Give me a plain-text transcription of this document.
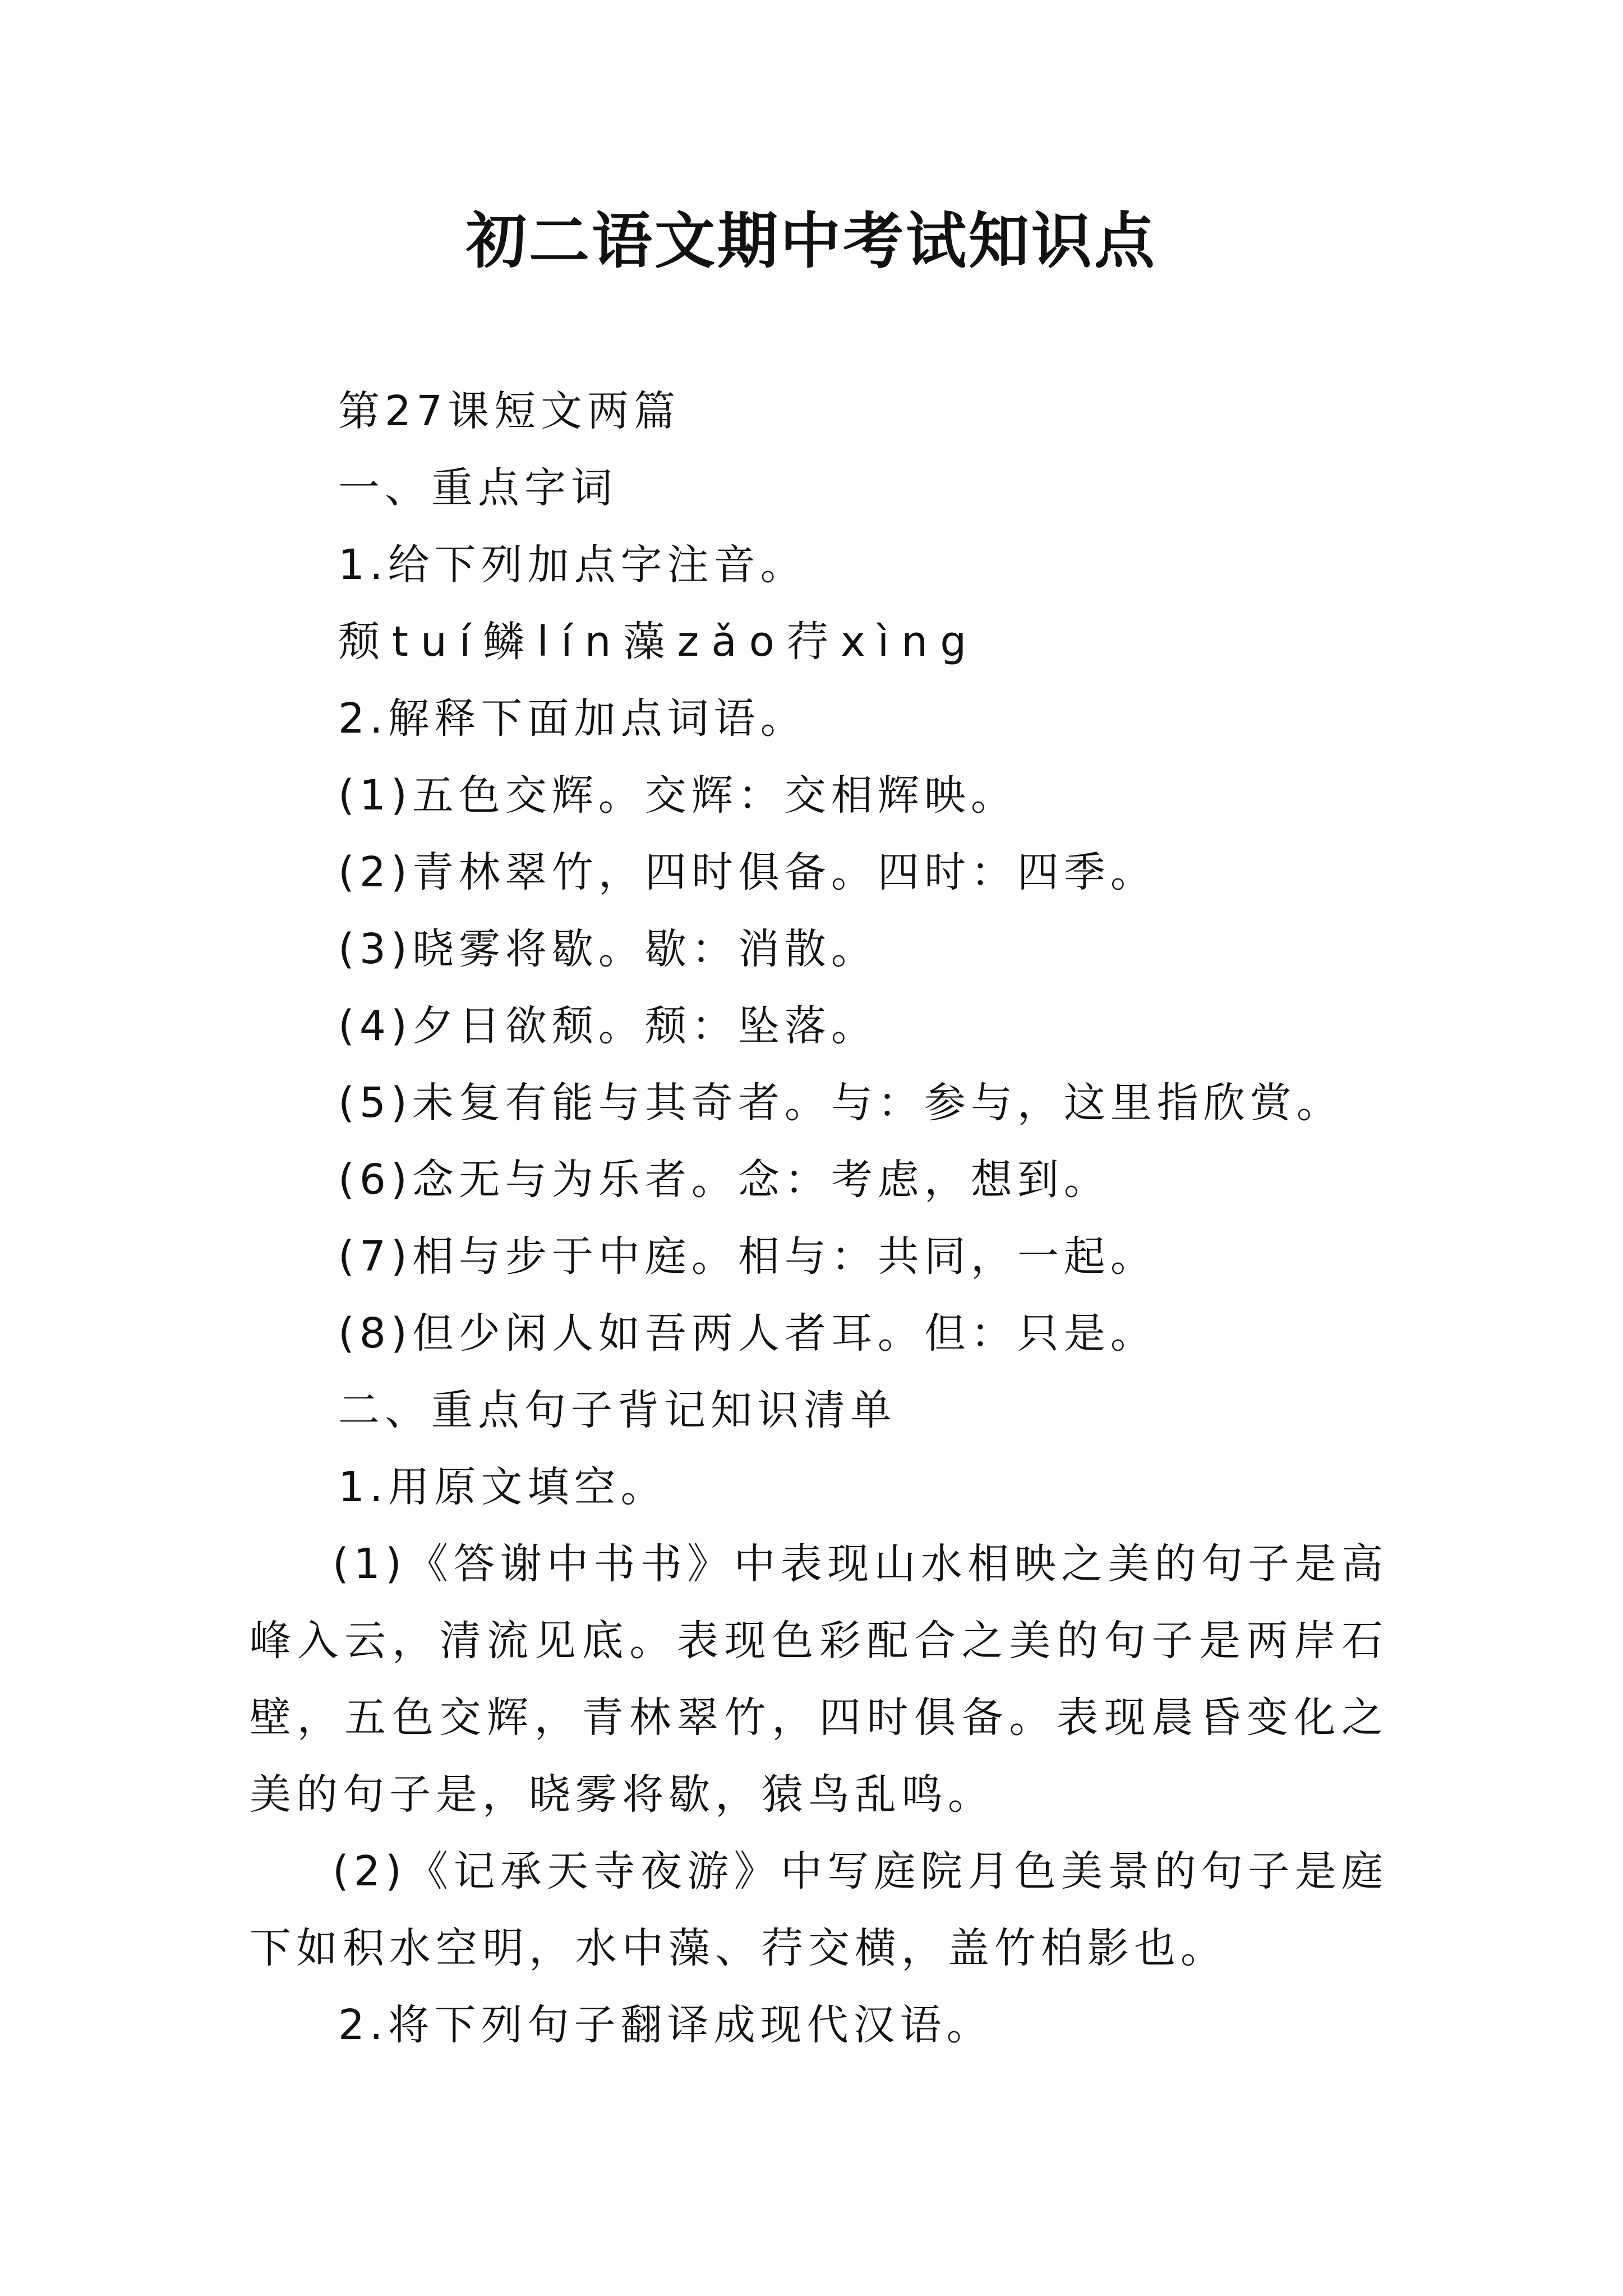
初二语文期中考试知识点

第27课短文两篇

一、重点字词

1.给下列加点字注音。

颓tuí鳞lín藻zǎo荇xìng

2.解释下面加点词语。

(1)五色交辉。交辉：交相辉映。

(2)青林翠竹，四时俱备。四时：四季。

(3)晓雾将歇。歇：消散。

(4)夕日欲颓。颓：坠落。

(5)未复有能与其奇者。与：参与，这里指欣赏。

(6)念无与为乐者。念：考虑，想到。

(7)相与步于中庭。相与：共同，一起。

(8)但少闲人如吾两人者耳。但：只是。

二、重点句子背记知识清单

1.用原文填空。

(1)《答谢中书书》中表现山水相映之美的句子是高峰入云，清流见底。表现色彩配合之美的句子是两岸石壁，五色交辉，青林翠竹，四时俱备。表现晨昏变化之美的句子是，晓雾将歇，猿鸟乱鸣。

(2)《记承天寺夜游》中写庭院月色美景的句子是庭下如积水空明，水中藻、荇交横，盖竹柏影也。

2.将下列句子翻译成现代汉语。
